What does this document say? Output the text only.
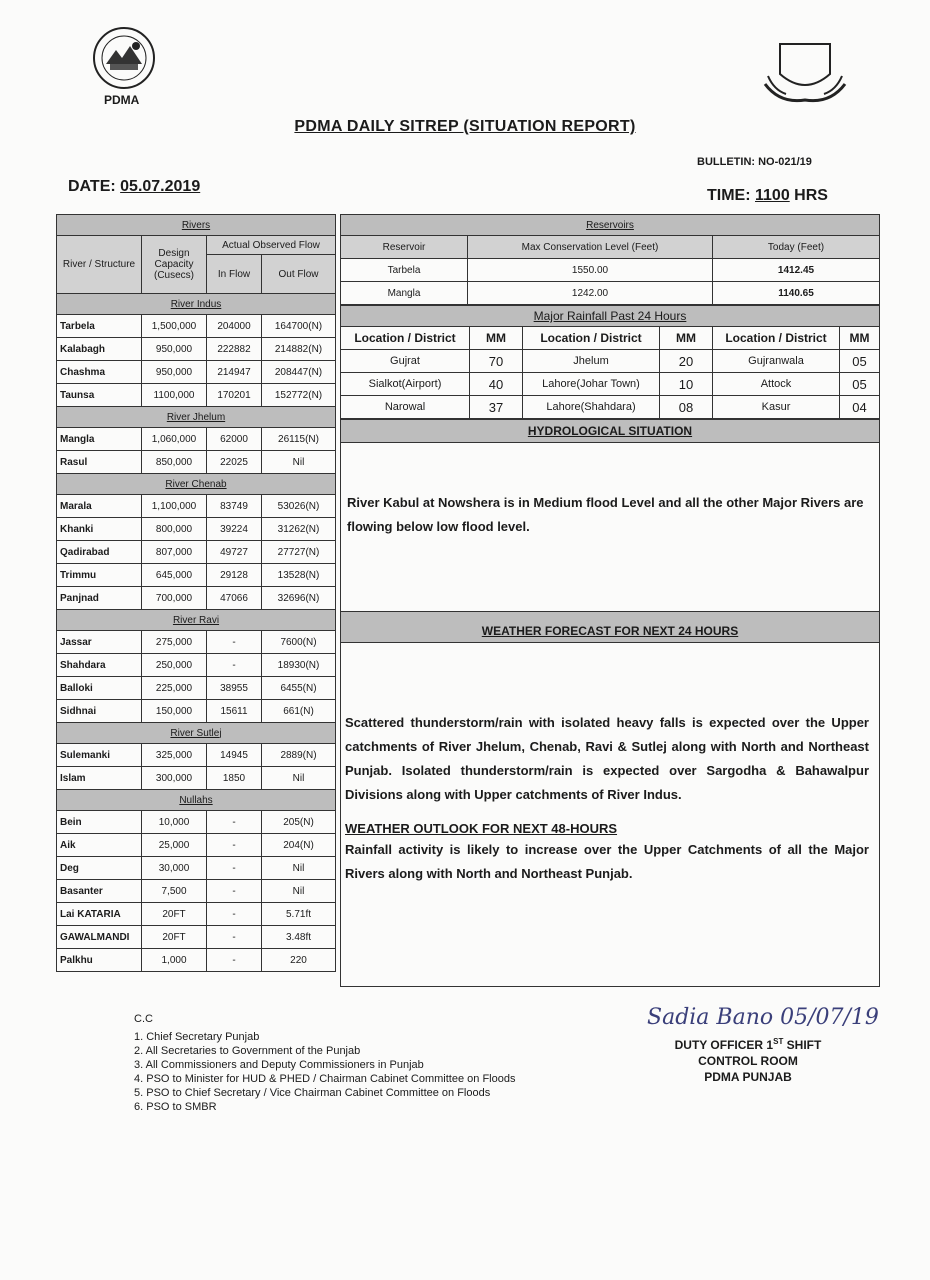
PDMA
PDMA DAILY SITREP (SITUATION REPORT)
BULLETIN: NO-021/19
DATE: 05.07.2019
TIME: 1100 HRS
Rivers			
River / Structure	Design Capacity (Cusecs)	Actual Observed Flow	
		In Flow	Out Flow
River Indus			
Tarbela	1,500,000	204000	164700(N)
Kalabagh	950,000	222882	214882(N)
Chashma	950,000	214947	208447(N)
Taunsa	1100,000	170201	152772(N)
River Jhelum			
Mangla	1,060,000	62000	26115(N)
Rasul	850,000	22025	Nil
River Chenab			
Marala	1,100,000	83749	53026(N)
Khanki	800,000	39224	31262(N)
Qadirabad	807,000	49727	27727(N)
Trimmu	645,000	29128	13528(N)
Panjnad	700,000	47066	32696(N)
River Ravi			
Jassar	275,000	-	7600(N)
Shahdara	250,000	-	18930(N)
Balloki	225,000	38955	6455(N)
Sidhnai	150,000	15611	661(N)
River Sutlej			
Sulemanki	325,000	14945	2889(N)
Islam	300,000	1850	Nil
Nullahs			
Bein	10,000	-	205(N)
Aik	25,000	-	204(N)
Deg	30,000	-	Nil
Basanter	7,500	-	Nil
Lai KATARIA	20FT	-	5.71ft
GAWALMANDI	20FT	-	3.48ft
Palkhu	1,000	-	220
Reservoirs		
Reservoir	Max Conservation Level (Feet)	Today (Feet)
Tarbela	1550.00	1412.45
Mangla	1242.00	1140.65
Major Rainfall Past 24 Hours					
Location / District	MM	Location / District	MM	Location / District	MM
Gujrat	70	Jhelum	20	Gujranwala	05
Sialkot(Airport)	40	Lahore(Johar Town)	10	Attock	05
Narowal	37	Lahore(Shahdara)	08	Kasur	04
HYDROLOGICAL SITUATION
River Kabul at Nowshera is in Medium flood Level and all the other Major Rivers are flowing below low flood level.
WEATHER FORECAST FOR NEXT 24 HOURS
Scattered thunderstorm/rain with isolated heavy falls is expected over the Upper catchments of River Jhelum, Chenab, Ravi & Sutlej along with North and Northeast Punjab. Isolated thunderstorm/rain is expected over Sargodha & Bahawalpur Divisions along with Upper catchments of River Indus.
WEATHER OUTLOOK FOR NEXT 48-HOURS
Rainfall activity is likely to increase over the Upper Catchments of all the Major Rivers along with North and Northeast Punjab.
C.C
1. Chief Secretary Punjab
2. All Secretaries to Government of the Punjab
3. All Commissioners and Deputy Commissioners in Punjab
4. PSO to Minister for HUD & PHED / Chairman Cabinet Committee on Floods
5. PSO to Chief Secretary / Vice Chairman Cabinet Committee on Floods
6. PSO to SMBR
Sadia Bano 05/07/19
DUTY OFFICER 1ST SHIFT
CONTROL ROOM
PDMA PUNJAB
